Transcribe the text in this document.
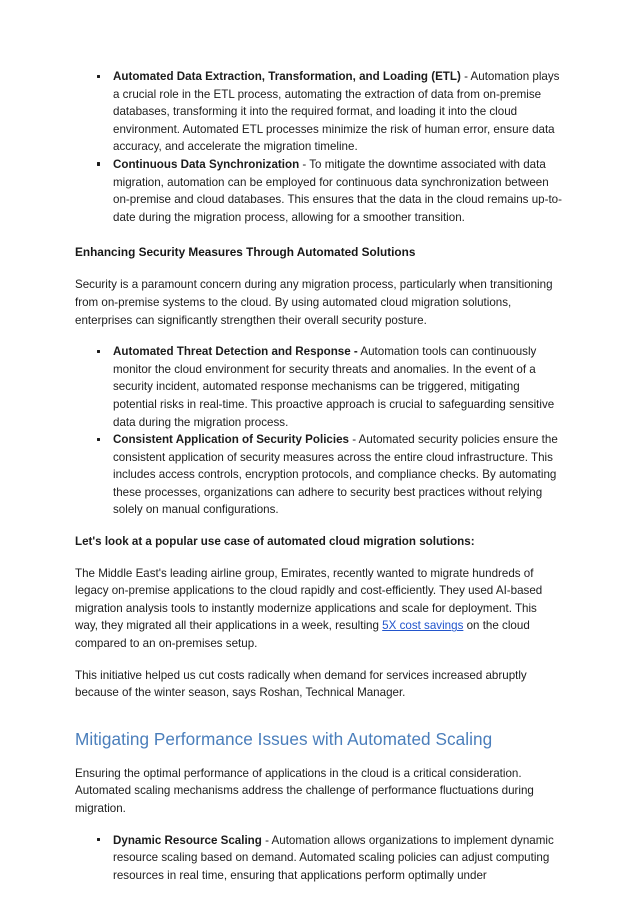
Automated Data Extraction, Transformation, and Loading (ETL) - Automation plays a crucial role in the ETL process, automating the extraction of data from on-premise databases, transforming it into the required format, and loading it into the cloud environment. Automated ETL processes minimize the risk of human error, ensure data accuracy, and accelerate the migration timeline.
Continuous Data Synchronization - To mitigate the downtime associated with data migration, automation can be employed for continuous data synchronization between on-premise and cloud databases. This ensures that the data in the cloud remains up-to-date during the migration process, allowing for a smoother transition.
Enhancing Security Measures Through Automated Solutions

Security is a paramount concern during any migration process, particularly when transitioning from on-premise systems to the cloud. By using automated cloud migration solutions, enterprises can significantly strengthen their overall security posture.

Automated Threat Detection and Response - Automation tools can continuously monitor the cloud environment for security threats and anomalies. In the event of a security incident, automated response mechanisms can be triggered, mitigating potential risks in real-time. This proactive approach is crucial to safeguarding sensitive data during the migration process.
Consistent Application of Security Policies - Automated security policies ensure the consistent application of security measures across the entire cloud infrastructure. This includes access controls, encryption protocols, and compliance checks. By automating these processes, organizations can adhere to security best practices without relying solely on manual configurations.

Let's look at a popular use case of automated cloud migration solutions:

The Middle East's leading airline group, Emirates, recently wanted to migrate hundreds of legacy on-premise applications to the cloud rapidly and cost-efficiently. They used AI-based migration analysis tools to instantly modernize applications and scale for deployment. This way, they migrated all their applications in a week, resulting 5X cost savings on the cloud compared to an on-premises setup.

This initiative helped us cut costs radically when demand for services increased abruptly because of the winter season, says Roshan, Technical Manager.

Mitigating Performance Issues with Automated Scaling

Ensuring the optimal performance of applications in the cloud is a critical consideration. Automated scaling mechanisms address the challenge of performance fluctuations during migration.

Dynamic Resource Scaling - Automation allows organizations to implement dynamic resource scaling based on demand. Automated scaling policies can adjust computing resources in real time, ensuring that applications perform optimally under
